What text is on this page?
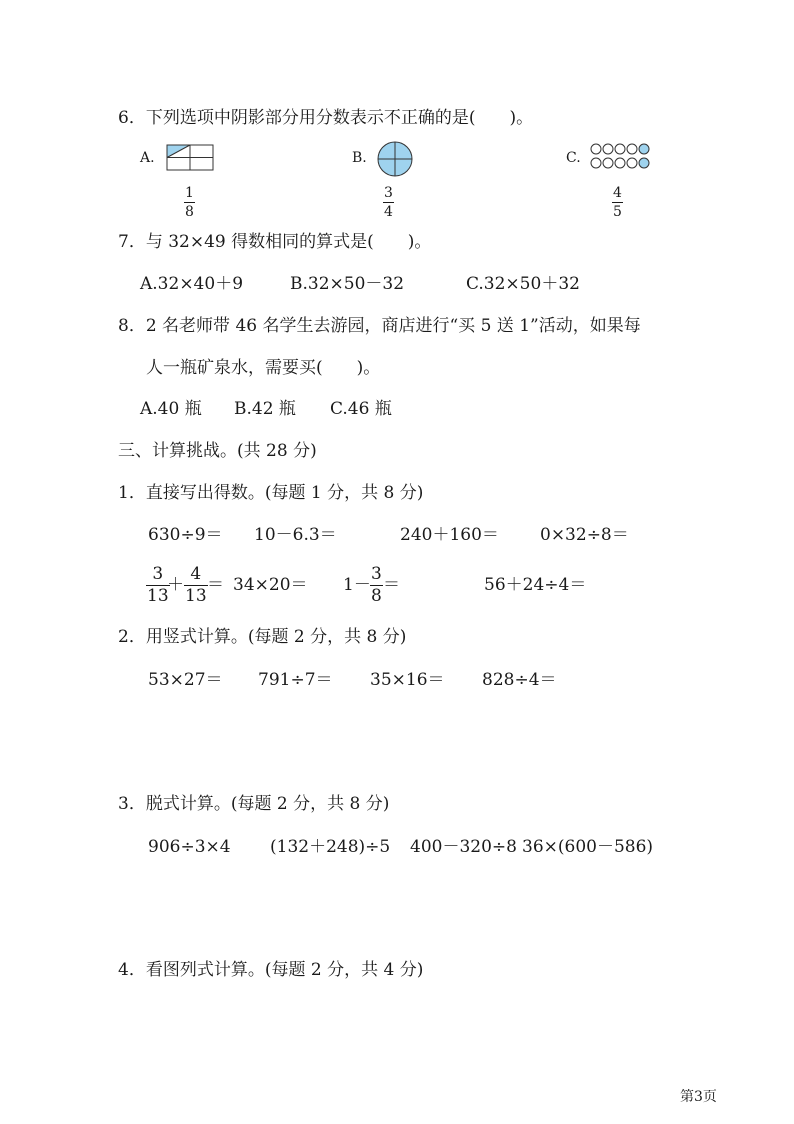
6．下列选项中阴影部分用分数表示不正确的是(　　)。
A.
1
8
B.
3
4
C.
4
5
7．与 32×49 得数相同的算式是(　　)。
A.32×40＋9	B.32×50－32	C.32×50＋32
8．2 名老师带 46 名学生去游园，商店进行“买 5 送 1”活动，如果每
人一瓶矿泉水，需要买(　　)。
A.40 瓶 B.42 瓶 C.46 瓶
三、计算挑战。(共 28 分)
1．直接写出得数。(每题 1 分，共 8 分)
630÷9＝ 10－6.3＝	240＋160＝ 0×32÷8＝
3
13
＋
4
13
＝ 34×20＝ 1－
3
8
＝	56＋24÷4＝
2．用竖式计算。(每题 2 分，共 8 分)
53×27＝ 791÷7＝ 35×16＝ 828÷4＝
3．脱式计算。(每题 2 分，共 8 分)
906÷3×4 (132＋248)÷5 400－320÷8 36×(600－586)
4．看图列式计算。(每题 2 分，共 4 分)
第3页
